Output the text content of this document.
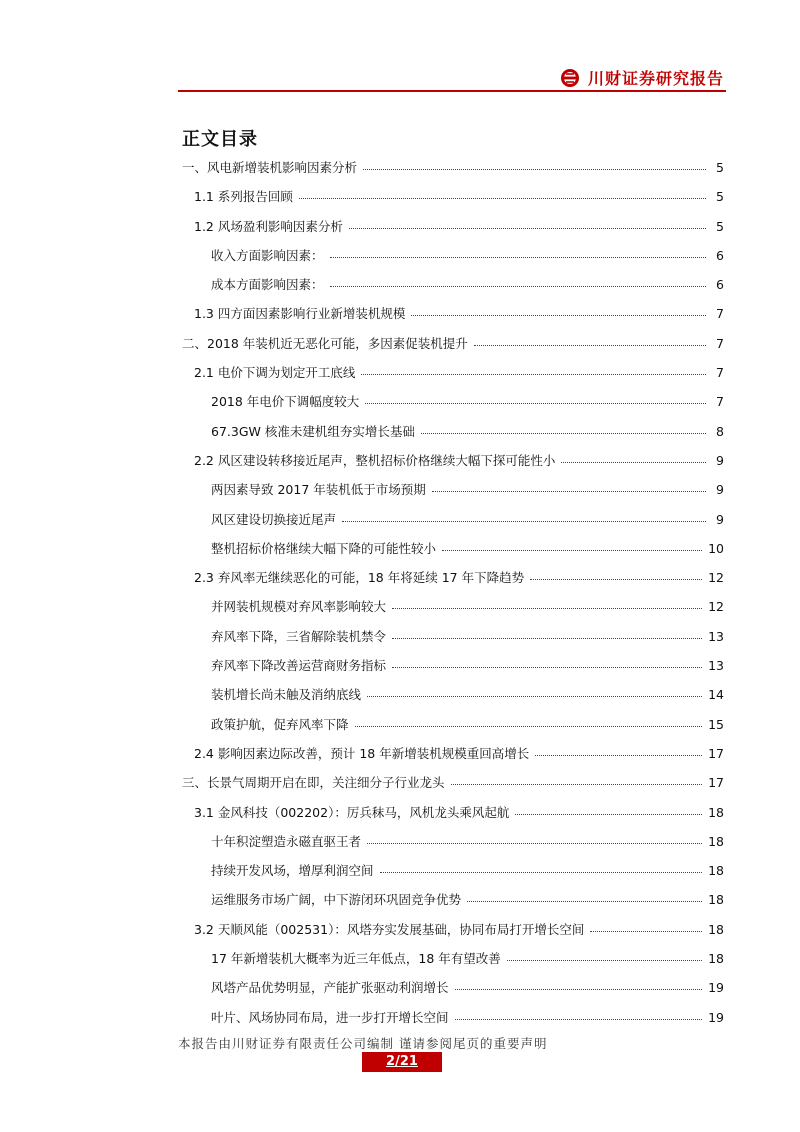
川财证券研究报告
正文目录
一、风电新增装机影响因素分析	5
1.1 系列报告回顾	5
1.2 风场盈利影响因素分析	5
收入方面影响因素：	6
成本方面影响因素：	6
1.3 四方面因素影响行业新增装机规模	7
二、2018 年装机近无恶化可能，多因素促装机提升	7
2.1 电价下调为划定开工底线	7
2018 年电价下调幅度较大	7
67.3GW 核准未建机组夯实增长基础	8
2.2 风区建设转移接近尾声，整机招标价格继续大幅下探可能性小	9
两因素导致 2017 年装机低于市场预期	9
风区建设切换接近尾声	9
整机招标价格继续大幅下降的可能性较小	10
2.3 弃风率无继续恶化的可能，18 年将延续 17 年下降趋势	12
并网装机规模对弃风率影响较大	12
弃风率下降，三省解除装机禁令	13
弃风率下降改善运营商财务指标	13
装机增长尚未触及消纳底线	14
政策护航，促弃风率下降	15
2.4 影响因素边际改善，预计 18 年新增装机规模重回高增长	17
三、长景气周期开启在即，关注细分子行业龙头	17
3.1 金风科技（002202）：厉兵秣马，风机龙头乘风起航	18
十年积淀塑造永磁直驱王者	18
持续开发风场，增厚利润空间	18
运维服务市场广阔，中下游闭环巩固竞争优势	18
3.2 天顺风能（002531）：风塔夯实发展基础，协同布局打开增长空间	18
17 年新增装机大概率为近三年低点，18 年有望改善	18
风塔产品优势明显，产能扩张驱动利润增长	19
叶片、风场协同布局，进一步打开增长空间	19
本报告由川财证券有限责任公司编制 谨请参阅尾页的重要声明
2/21
